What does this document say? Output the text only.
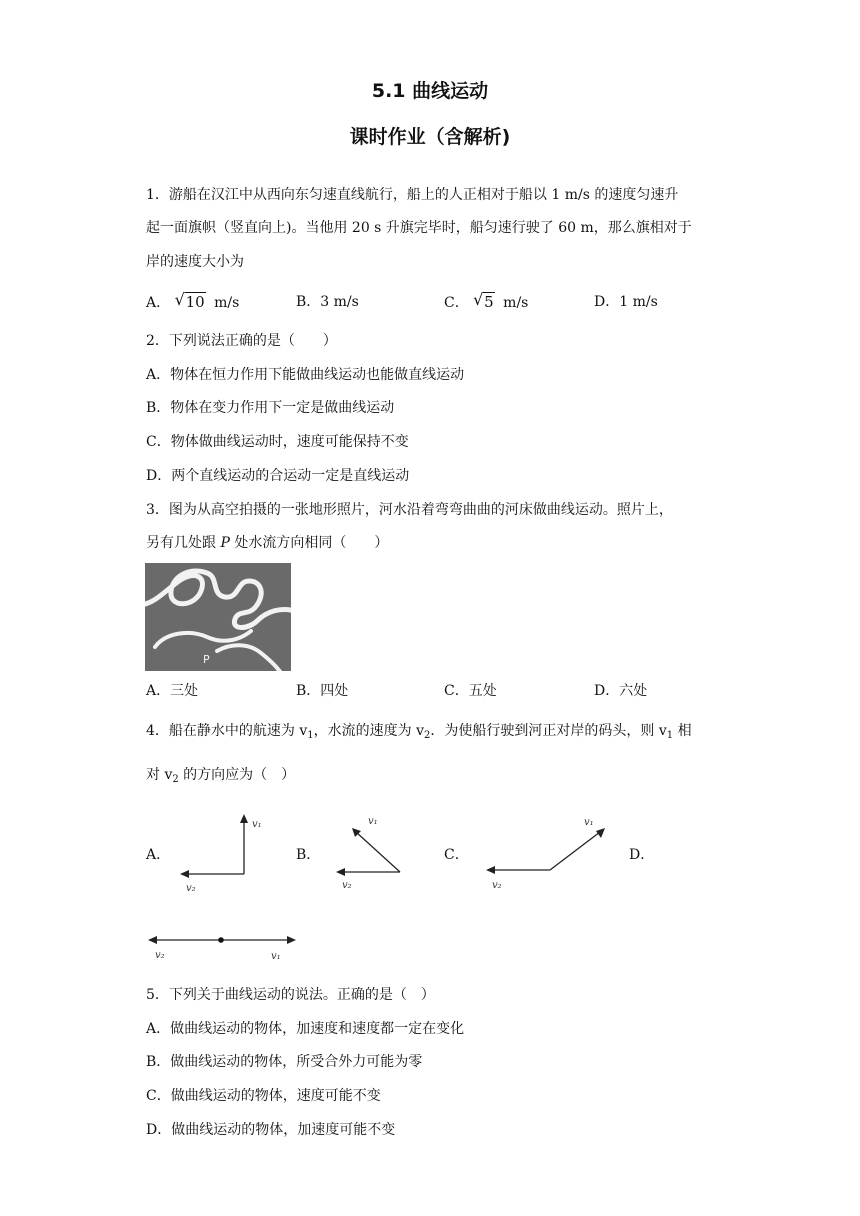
5.1 曲线运动
课时作业（含解析)
1．游船在汉江中从西向东匀速直线航行，船上的人正相对于船以 1 m/s 的速度匀速升
起一面旗帜（竖直向上)。当他用 20 s 升旗完毕时，船匀速行驶了 60 m，那么旗相对于
岸的速度大小为
A． √ 10 m/s	B．3 m/s	C． √ 5 m/s	D．1 m/s
2．下列说法正确的是（　　）
A．物体在恒力作用下能做曲线运动也能做直线运动
B．物体在变力作用下一定是做曲线运动
C．物体做曲线运动时，速度可能保持不变
D．两个直线运动的合运动一定是直线运动
3．图为从高空拍摄的一张地形照片，河水沿着弯弯曲曲的河床做曲线运动。照片上，
另有几处跟 P 处水流方向相同（　　）
P
A．三处	B．四处	C．五处	D．六处
4．船在静水中的航速为 $v_1$，水流的速度为 $v_2$．为使船行驶到河正对岸的码头，则 $v_1$ 相
对 $v_2$ 的方向应为（　）
A．	B．	C．	D．
v₁
v₂
v₁
v₂
v₁
v₂
v₂	v₁
5．下列关于曲线运动的说法。正确的是（　）
A．做曲线运动的物体，加速度和速度都一定在变化
B．做曲线运动的物体，所受合外力可能为零
C．做曲线运动的物体，速度可能不变
D．做曲线运动的物体，加速度可能不变
